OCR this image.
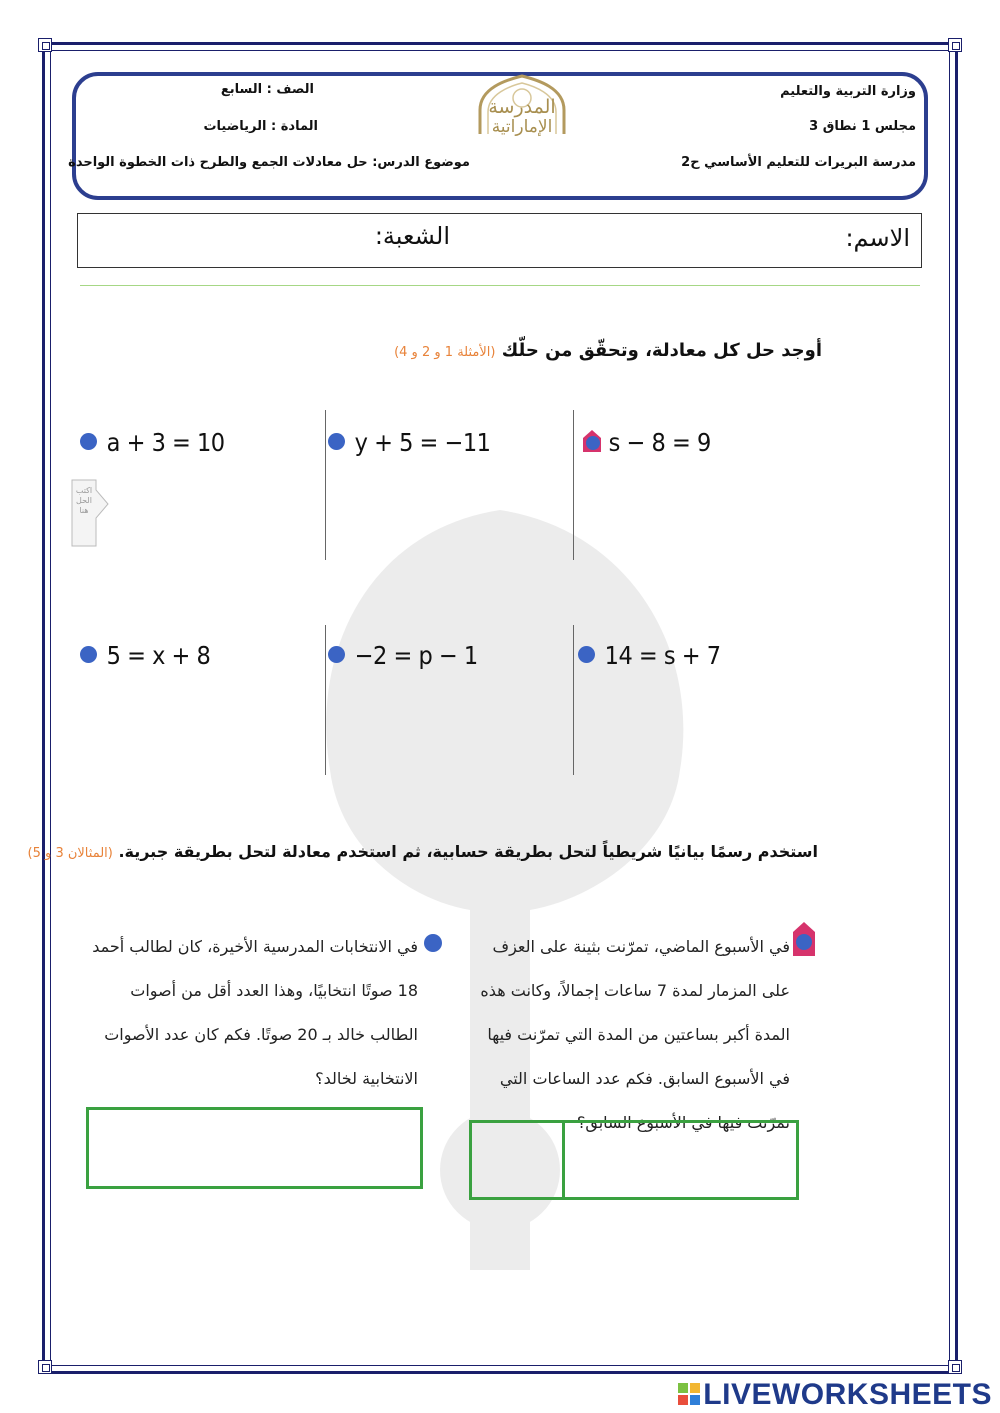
وزارة التربية والتعليم
مجلس 1 نطاق 3
مدرسة البريرات للتعليم الأساسي ح2
الصف : السابع
المادة : الرياضيات
موضوع الدرس: حل معادلات الجمع والطرح ذات الخطوة الواحدة
المدرسة
الإماراتية
الاسم:
الشعبة:
أوجد حل كل معادلة، وتحقّق من حلّك (الأمثلة 1 و 2 و 4)
a + 3 = 10	y + 5 = −11	s − 8 = 9
اكتب الحل هنا
5 = x + 8	−2 = p − 1	14 = s + 7
استخدم رسمًا بيانيًا شريطياً لتحل بطريقة حسابية، ثم استخدم معادلة لتحل بطريقة جبرية. (المثالان 3 و 5)
في الأسبوع الماضي، تمرّنت بثينة على العزف على المزمار لمدة 7 ساعات إجمالاً، وكانت هذه المدة أكبر بساعتين من المدة التي تمرّنت فيها في الأسبوع السابق. فكم عدد الساعات التي تمرّنت فيها في الأسبوع السابق؟
في الانتخابات المدرسية الأخيرة، كان لطالب أحمد 18 صوتًا انتخابيًا، وهذا العدد أقل من أصوات الطالب خالد بـ 20 صوتًا. فكم كان عدد الأصوات الانتخابية لخالد؟
LIVEWORKSHEETS
